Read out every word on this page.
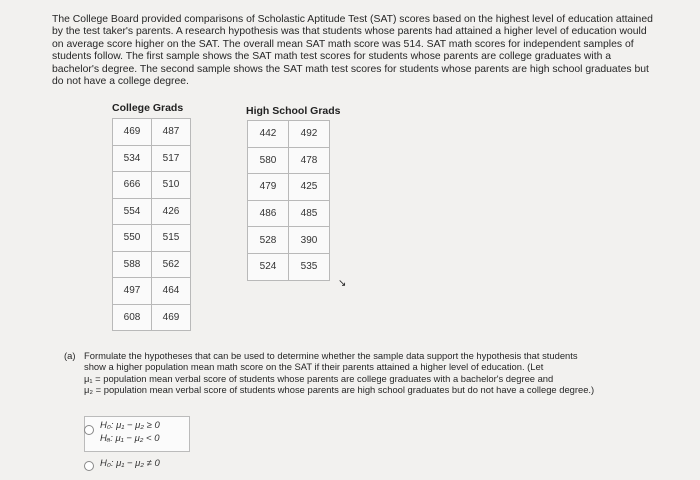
The College Board provided comparisons of Scholastic Aptitude Test (SAT) scores based on the highest level of education attained

by the test taker's parents. A research hypothesis was that students whose parents had attained a higher level of education would

on average score higher on the SAT. The overall mean SAT math score was 514. SAT math scores for independent samples of

students follow. The first sample shows the SAT math test scores for students whose parents are college graduates with a

bachelor's degree. The second sample shows the SAT math test scores for students whose parents are high school graduates but

do not have a college degree.

College Grads
469	487
534	517
666	510
554	426
550	515
588	562
497	464
608	469
High School Grads
442	492
580	478
479	425
486	485
528	390
524	535
↘
(a) Formulate the hypotheses that can be used to determine whether the sample data support the hypothesis that students
show a higher population mean math score on the SAT if their parents attained a higher level of education. (Let
μ₁ = population mean verbal score of students whose parents are college graduates with a bachelor's degree and
μ₂ = population mean verbal score of students whose parents are high school graduates but do not have a college degree.)
H₀: μ₁ − μ₂ ≥ 0
Hₐ: μ₁ − μ₂ < 0
H₀: μ₁ − μ₂ ≠ 0
